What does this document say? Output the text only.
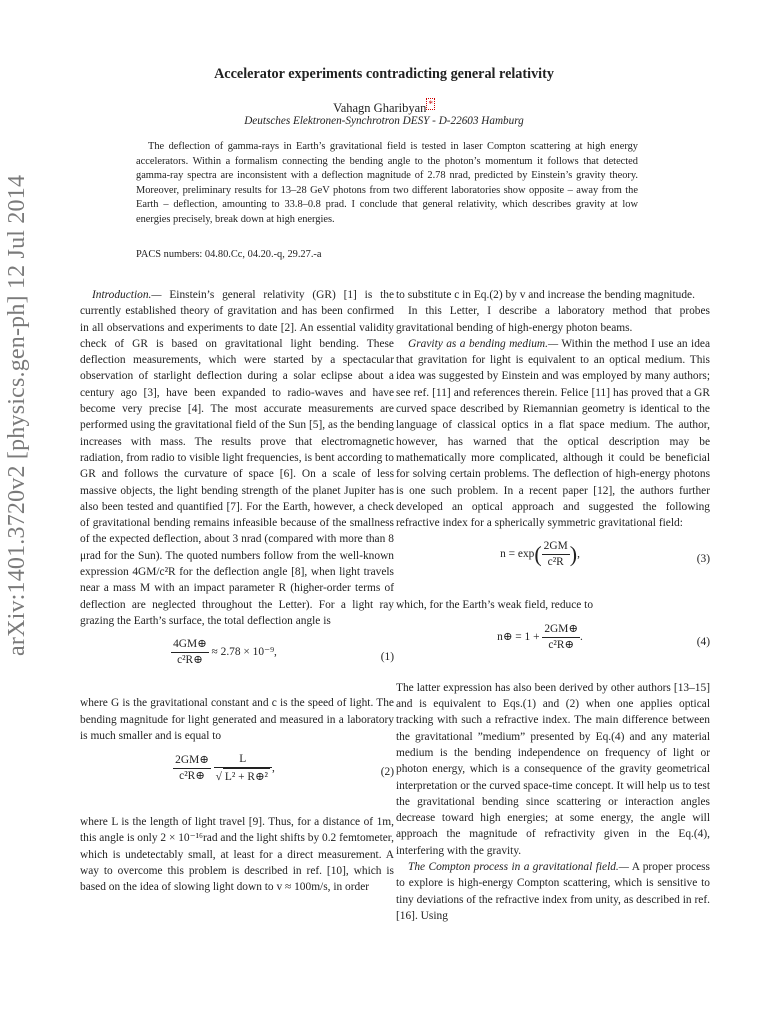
arXiv:1401.3720v2 [physics.gen-ph] 12 Jul 2014
Accelerator experiments contradicting general relativity
Vahagn Gharibyan *
Deutsches Elektronen-Synchrotron DESY - D-22603 Hamburg

The deflection of gamma-rays in Earth’s gravitational field is tested in laser Compton scattering at high energy accelerators. Within a formalism connecting the bending angle to the photon’s momentum it follows that detected gamma-ray spectra are inconsistent with a deflection magnitude of 2.78 nrad, predicted by Einstein’s gravity theory. Moreover, preliminary results for 13–28 GeV photons from two different laboratories show opposite – away from the Earth – deflection, amounting to 33.8–0.8 prad. I conclude that general relativity, which describes gravity at low energies precisely, break down at high energies.

PACS numbers: 04.80.Cc, 04.20.-q, 29.27.-a

Introduction.— Einstein’s general relativity (GR) [1] is the currently established theory of gravitation and has been confirmed in all observations and experiments to date [2]. An essential validity check of GR is based on gravitational light bending. These deflection measurements, which were started by a spectacular observation of starlight deflection during a solar eclipse about a century ago [3], have been expanded to radio-waves and have become very precise [4]. The most accurate measurements are performed using the gravitational field of the Sun [5], as the bending increases with mass. The results prove that electromagnetic radiation, from radio to visible light frequencies, is bent according to GR and follows the curvature of space [6]. On a scale of less massive objects, the light bending strength of the planet Jupiter has also been tested and quantified [7]. For the Earth, however, a check of gravitational bending remains infeasible because of the smallness of the expected deflection, about 3 nrad (compared with more than 8 μrad for the Sun). The quoted numbers follow from the well-known expression 4GM/c²R for the deflection angle [8], when light travels near a mass M with an impact parameter R (higher-order terms of deflection are neglected throughout the Letter). For a light ray grazing the Earth’s surface, the total deflection angle is

$\frac{4GM\oplus}{\text{c²R⊕}} \approx 2.78 \times 10^{-9}$,	(1)

where G is the gravitational constant and c is the speed of light. The bending magnitude for light generated and measured in a laboratory is much smaller and is equal to

$\frac{2GM\oplus}{\text{c²R⊕}}$
$\frac{L}{\text{√ L² + R⊕²}}$ ,	(2)

where L is the length of light travel [9]. Thus, for a distance of 1m, this angle is only 2 × 10⁻¹⁶rad and the light shifts by 0.2 femtometer, which is undetectably small, at least for a direct measurement. A way to overcome this problem is described in ref. [10], which is based on the idea of slowing light down to v ≈ 100m/s, in order

to substitute c in Eq.(2) by v and increase the bending magnitude.

In this Letter, I describe a laboratory method that probes gravitational bending of high-energy photon beams.

Gravity as a bending medium.— Within the method I use an idea that gravitation for light is equivalent to an optical medium. This idea was suggested by Einstein and was employed by many authors; see ref. [11] and references therein. Felice [11] has proved that a GR curved space described by Riemannian geometry is identical to the language of classical optics in a flat space medium. The author, however, has warned that the optical description may be mathematically more complicated, although it could be beneficial for solving certain problems. The deflection of high-energy photons is one such problem. In a recent paper [12], the authors further developed an optical approach and suggested the following refractive index for a spherically symmetric gravitational field:

$n = \exp( \frac{2GM}{\text{c²R}}$ ),	(3)

which, for the Earth’s weak field, reduce to

n⊕ = $1 + \frac{2GM\oplus}{\text{c²R⊕}}$ .	(4)

The latter expression has also been derived by other authors [13–15] and is equivalent to Eqs.(1) and (2) when one applies optical tracking with such a refractive index. The main difference between the gravitational ”medium” presented by Eq.(4) and any material medium is the bending independence on frequency of light or photon energy, which is a consequence of the gravity geometrical interpretation or the curved space-time concept. It will help us to test the gravitational bending since scattering or interaction angles decrease toward high energies; at some energy, the angle will approach the magnitude of refractivity given in the Eq.(4), interfering with the gravity.

The Compton process in a gravitational field.— A proper process to explore is high-energy Compton scattering, which is sensitive to tiny deviations of the refractive index from unity, as described in ref. [16]. Using
